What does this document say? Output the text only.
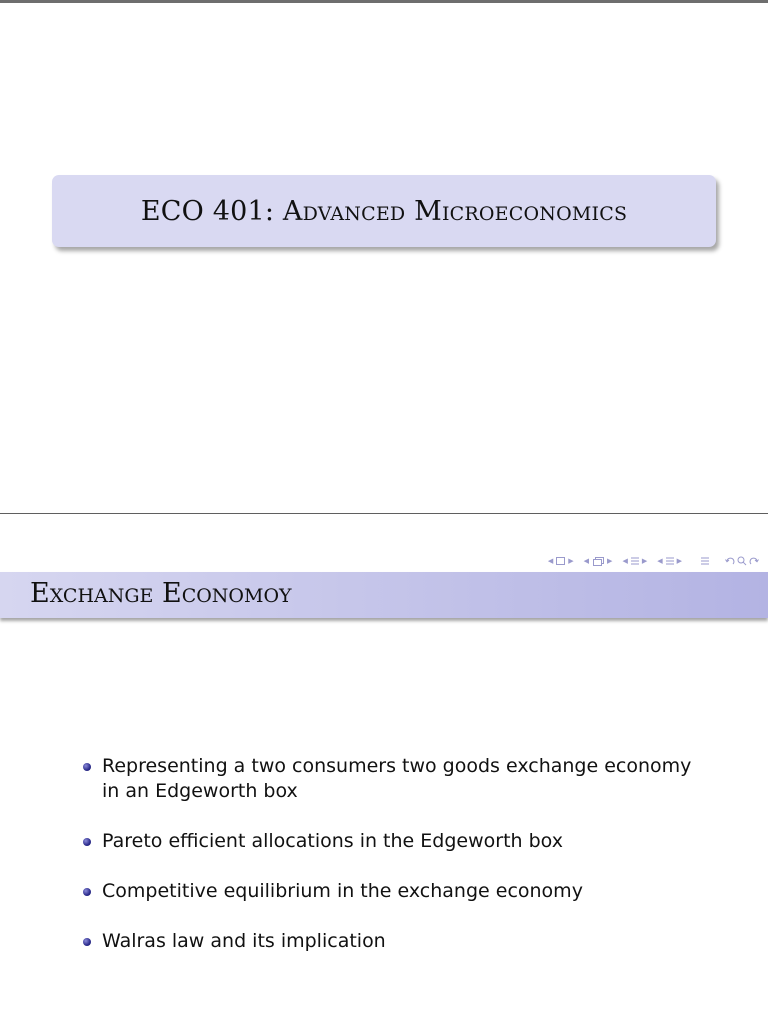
ECO 401: Advanced Microeconomics
◀ ▶ ◀	▶ ◀ ▶ ◀ ▶
Exchange Economoy
Representing a two consumers two goods exchange economy in an Edgeworth box
Pareto efficient allocations in the Edgeworth box
Competitive equilibrium in the exchange economy
Walras law and its implication
